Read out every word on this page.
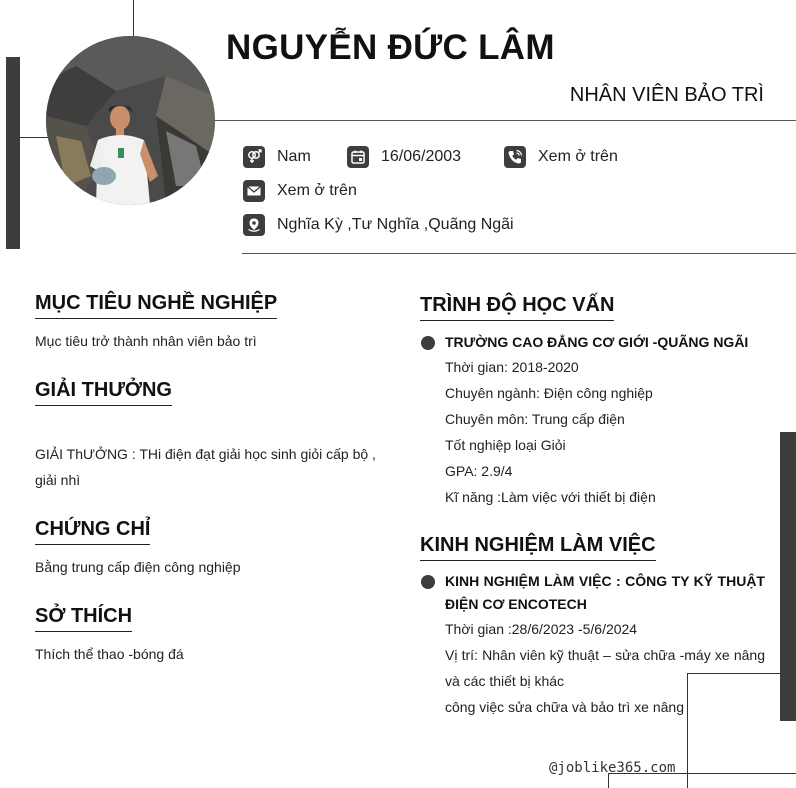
NGUYỄN ĐỨC LÂM
NHÂN VIÊN BẢO TRÌ
Nam	16/06/2003	Xem ở trên
Xem ở trên
Nghĩa Kỳ ,Tư Nghĩa ,Quãng Ngãi
MỤC TIÊU NGHỀ NGHIỆP
Mục tiêu trở thành nhân viên bảo trì
GIẢI THƯỞNG
GIẢI ThƯỞNG : THi điện đạt giải học sinh giỏi cấp bộ , giải nhì
CHỨNG CHỈ
Bằng trung cấp điện công nghiệp
SỞ THÍCH
Thích thể thao -bóng đá
TRÌNH ĐỘ HỌC VẤN
TRƯỜNG CAO ĐẲNG CƠ GIỚI -QUÃNG NGÃI
Thời gian: 2018-2020
Chuyên ngành: Điện công nghiệp
Chuyên môn: Trung cấp điện
Tốt nghiệp loại Giỏi
GPA: 2.9/4
Kĩ năng :Làm việc với thiết bị điện
KINH NGHIỆM LÀM VIỆC
KINH NGHIỆM LÀM VIỆC : CÔNG TY KỸ THUẬT ĐIỆN CƠ ENCOTECH
Thời gian :28/6/2023 -5/6/2024
Vị trí: Nhân viên kỹ thuật – sửa chữa -máy xe nâng và các thiết bị khác
công việc sửa chữa và bảo trì xe nâng
@joblike365.com
